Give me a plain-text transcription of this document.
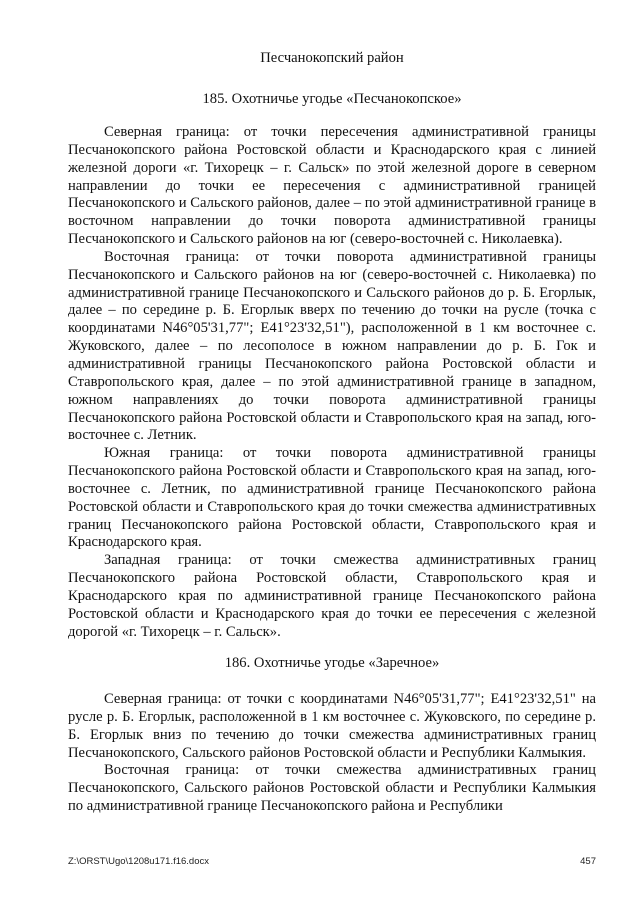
Песчанокопский район
185. Охотничье угодье «Песчанокопское»

Северная граница: от точки пересечения административной границы Песчанокопского района Ростовской области и Краснодарского края с линией железной дороги «г. Тихорецк – г. Сальск» по этой железной дороге в северном направлении до точки ее пересечения с административной границей Песчанокопского и Сальского районов, далее – по этой административной границе в восточном направлении до точки поворота административной границы Песчанокопского и Сальского районов на юг (северо-восточней с. Николаевка).

Восточная граница: от точки поворота административной границы Песчанокопского и Сальского районов на юг (северо-восточней с. Николаевка) по административной границе Песчанокопского и Сальского районов до р. Б. Егорлык, далее – по середине р. Б. Егорлык вверх по течению до точки на русле (точка с координатами N46°05'31,77"; E41°23'32,51"), расположенной в 1 км восточнее с. Жуковского, далее – по лесополосе в южном направлении до р. Б. Гок и административной границы Песчанокопского района Ростовской области и Ставропольского края, далее – по этой административной границе в западном, южном направлениях до точки поворота административной границы Песчанокопского района Ростовской области и Ставропольского края на запад, юго-восточнее с. Летник.

Южная граница: от точки поворота административной границы Песчанокопского района Ростовской области и Ставропольского края на запад, юго-восточнее с. Летник, по административной границе Песчанокопского района Ростовской области и Ставропольского края до точки смежества административных границ Песчанокопского района Ростовской области, Ставропольского края и Краснодарского края.

Западная граница: от точки смежества административных границ Песчанокопского района Ростовской области, Ставропольского края и Краснодарского края по административной границе Песчанокопского района Ростовской области и Краснодарского края до точки ее пересечения с железной дорогой «г. Тихорецк – г. Сальск».

186. Охотничье угодье «Заречное»

Северная граница: от точки с координатами N46°05'31,77"; E41°23'32,51" на русле р. Б. Егорлык, расположенной в 1 км восточнее с. Жуковского, по середине р. Б. Егорлык вниз по течению до точки смежества административных границ Песчанокопского, Сальского районов Ростовской области и Республики Калмыкия.

Восточная граница: от точки смежества административных границ Песчанокопского, Сальского районов Ростовской области и Республики Калмыкия по административной границе Песчанокопского района и Республики

Z:\ORST\Ugo\1208u171.f16.docx	457
